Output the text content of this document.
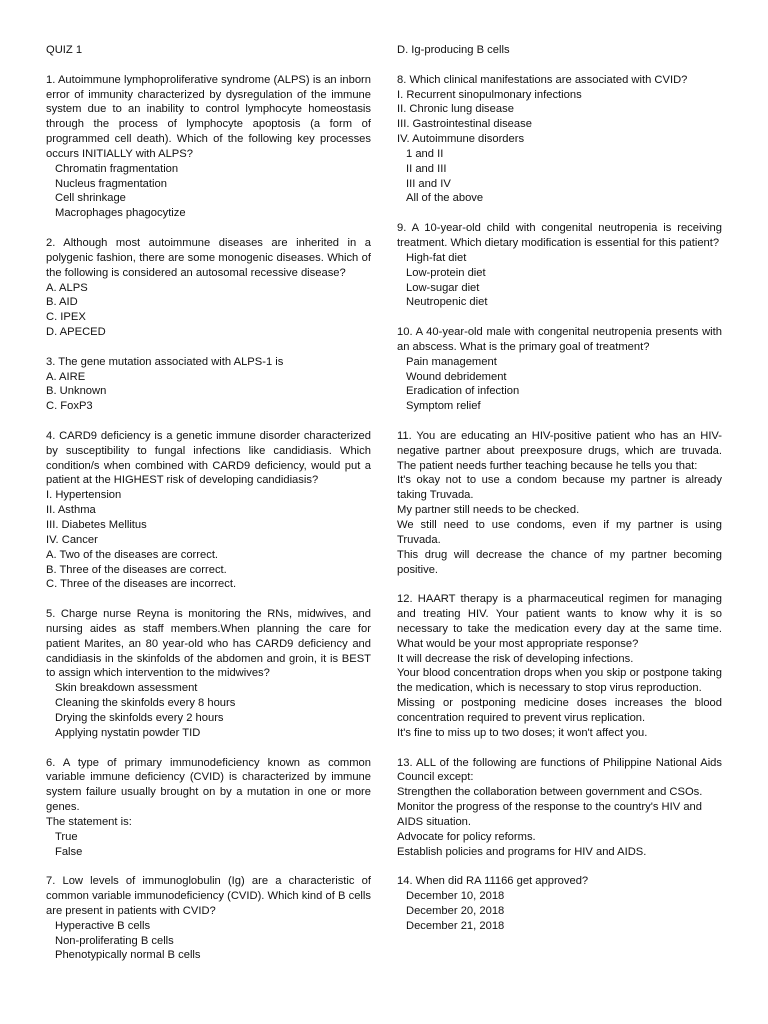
QUIZ 1

1. Autoimmune lymphoproliferative syndrome (ALPS) is an inborn error of immunity characterized by dysregulation of the immune system due to an inability to control lymphocyte homeostasis through the process of lymphocyte apoptosis (a form of programmed cell death). Which of the following key processes occurs INITIALLY with ALPS?

Chromatin fragmentation

Nucleus fragmentation

Cell shrinkage

Macrophages phagocytize

2. Although most autoimmune diseases are inherited in a polygenic fashion, there are some monogenic diseases. Which of the following is considered an autosomal recessive disease?

A. ALPS

B. AID

C. IPEX

D. APECED

3. The gene mutation associated with ALPS-1 is

A. AIRE

B. Unknown

C. FoxP3

4. CARD9 deficiency is a genetic immune disorder characterized by susceptibility to fungal infections like candidiasis. Which condition/s when combined with CARD9 deficiency, would put a patient at the HIGHEST risk of developing candidiasis?

I. Hypertension

II. Asthma

III. Diabetes Mellitus

IV. Cancer

A. Two of the diseases are correct.

B. Three of the diseases are correct.

C. Three of the diseases are incorrect.

5. Charge nurse Reyna is monitoring the RNs, midwives, and nursing aides as staff members.When planning the care for patient Marites, an 80 year-old who has CARD9 deficiency and candidiasis in the skinfolds of the abdomen and groin, it is BEST to assign which intervention to the midwives?

Skin breakdown assessment

Cleaning the skinfolds every 8 hours

Drying the skinfolds every 2 hours

Applying nystatin powder TID

6. A type of primary immunodeficiency known as common variable immune deficiency (CVID) is characterized by immune system failure usually brought on by a mutation in one or more genes.

The statement is:

True

False

7. Low levels of immunoglobulin (Ig) are a characteristic of common variable immunodeficiency (CVID). Which kind of B cells are present in patients with CVID?

Hyperactive B cells

Non-proliferating B cells

Phenotypically normal B cells

D. Ig-producing B cells

8. Which clinical manifestations are associated with CVID?

I. Recurrent sinopulmonary infections

II. Chronic lung disease

III. Gastrointestinal disease

IV. Autoimmune disorders

1 and II

II and III

III and IV

All of the above

9. A 10-year-old child with congenital neutropenia is receiving treatment. Which dietary modification is essential for this patient?

High-fat diet

Low-protein diet

Low-sugar diet

Neutropenic diet

10. A 40-year-old male with congenital neutropenia presents with an abscess. What is the primary goal of treatment?

Pain management

Wound debridement

Eradication of infection

Symptom relief

11. You are educating an HIV-positive patient who has an HIV-negative partner about preexposure drugs, which are truvada. The patient needs further teaching because he tells you that:

It's okay not to use a condom because my partner is already taking Truvada.

My partner still needs to be checked.

We still need to use condoms, even if my partner is using Truvada.

This drug will decrease the chance of my partner becoming positive.

12. HAART therapy is a pharmaceutical regimen for managing and treating HIV. Your patient wants to know why it is so necessary to take the medication every day at the same time. What would be your most appropriate response?

It will decrease the risk of developing infections.

Your blood concentration drops when you skip or postpone taking the medication, which is necessary to stop virus reproduction.

Missing or postponing medicine doses increases the blood concentration required to prevent virus replication.

It's fine to miss up to two doses; it won't affect you.

13. ALL of the following are functions of Philippine National Aids Council except:

Strengthen the collaboration between government and CSOs.

Monitor the progress of the response to the country's HIV and AIDS situation.

Advocate for policy reforms.

Establish policies and programs for HIV and AIDS.

14. When did RA 11166 get approved?

December 10, 2018

December 20, 2018

December 21, 2018
